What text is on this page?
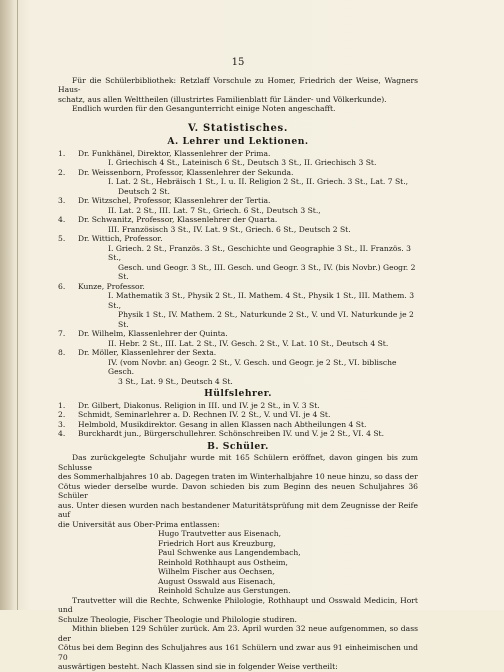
15

Für die Schülerbibliothek: Retzlaff Vorschule zu Homer, Friedrich der Weise, Wagners Haus-

schatz, aus allen Welttheilen (illustrirtes Familienblatt für Länder- und Völkerkunde).

Endlich wurden für den Gesangunterricht einige Noten angeschafft.

V. Statistisches.
A. Lehrer und Lektionen.
1. Dr. Funkhänel, Direktor, Klassenlehrer der Prima.
I. Griechisch 4 St., Lateinisch 6 St., Deutsch 3 St., II. Griechisch 3 St.
2. Dr. Weissenborn, Professor, Klassenlehrer der Sekunda.
I. Lat. 2 St., Hebräisch 1 St., I. u. II. Religion 2 St., II. Griech. 3 St., Lat. 7 St.,
Deutsch 2 St.
3. Dr. Witzschel, Professor, Klassenlehrer der Tertia.
II. Lat. 2 St., III. Lat. 7 St., Griech. 6 St., Deutsch 3 St.,
4. Dr. Schwanitz, Professor, Klassenlehrer der Quarta.
III. Französisch 3 St., IV. Lat. 9 St., Griech. 6 St., Deutsch 2 St.
5. Dr. Wittich, Professor.
I. Griech. 2 St., Französ. 3 St., Geschichte und Geographie 3 St., II. Französ. 3 St.,
Gesch. und Geogr. 3 St., III. Gesch. und Geogr. 3 St., IV. (bis Novbr.) Geogr. 2 St.
6. Kunze, Professor.
I. Mathematik 3 St., Physik 2 St., II. Mathem. 4 St., Physik 1 St., III. Mathem. 3 St.,
Physik 1 St., IV. Mathem. 2 St., Naturkunde 2 St., V. und VI. Naturkunde je 2 St.
7. Dr. Wilhelm, Klassenlehrer der Quinta.
II. Hebr. 2 St., III. Lat. 2 St., IV. Gesch. 2 St., V. Lat. 10 St., Deutsch 4 St.
8. Dr. Möller, Klassenlehrer der Sexta.
IV. (vom Novbr. an) Geogr. 2 St., V. Gesch. und Geogr. je 2 St., VI. biblische Gesch.
3 St., Lat. 9 St., Deutsch 4 St.
Hülfslehrer.
1. Dr. Gilbert, Diakonus. Religion in III. und IV. je 2 St., in V. 3 St.
2. Schmidt, Seminarlehrer a. D. Rechnen IV. 2 St., V. und VI. je 4 St.
3. Helmbold, Musikdirektor. Gesang in allen Klassen nach Abtheilungen 4 St.
4. Burckhardt jun., Bürgerschullehrer. Schönschreiben IV. und V. je 2 St., VI. 4 St.
B. Schüler.

Das zurückgelegte Schuljahr wurde mit 165 Schülern eröffnet, davon gingen bis zum Schlusse

des Sommerhalbjahres 10 ab. Dagegen traten im Winterhalbjahre 10 neue hinzu, so dass der

Cötus wieder derselbe wurde. Davon schieden bis zum Beginn des neuen Schuljahres 36 Schüler

aus. Unter diesen wurden nach bestandener Maturitätsprüfung mit dem Zeugnisse der Reife auf

die Universität aus Ober-Prima entlassen:

Hugo Trautvetter aus Eisenach,
Friedrich Hort aus Kreuzburg,
Paul Schwenke aus Langendembach,
Reinhold Rothhaupt aus Ostheim,
Wilhelm Fischer aus Oechsen,
August Osswald aus Eisenach,
Reinhold Schulze aus Gerstungen.

Trautvetter will die Rechte, Schwenke Philologie, Rothhaupt und Osswald Medicin, Hort und

Schulze Theologie, Fischer Theologie und Philologie studiren.

Mithin blieben 129 Schüler zurück. Am 23. April wurden 32 neue aufgenommen, so dass der

Cötus bei dem Beginn des Schuljahres aus 161 Schülern und zwar aus 91 einheimischen und 70

auswärtigen besteht. Nach Klassen sind sie in folgender Weise vertheilt:
